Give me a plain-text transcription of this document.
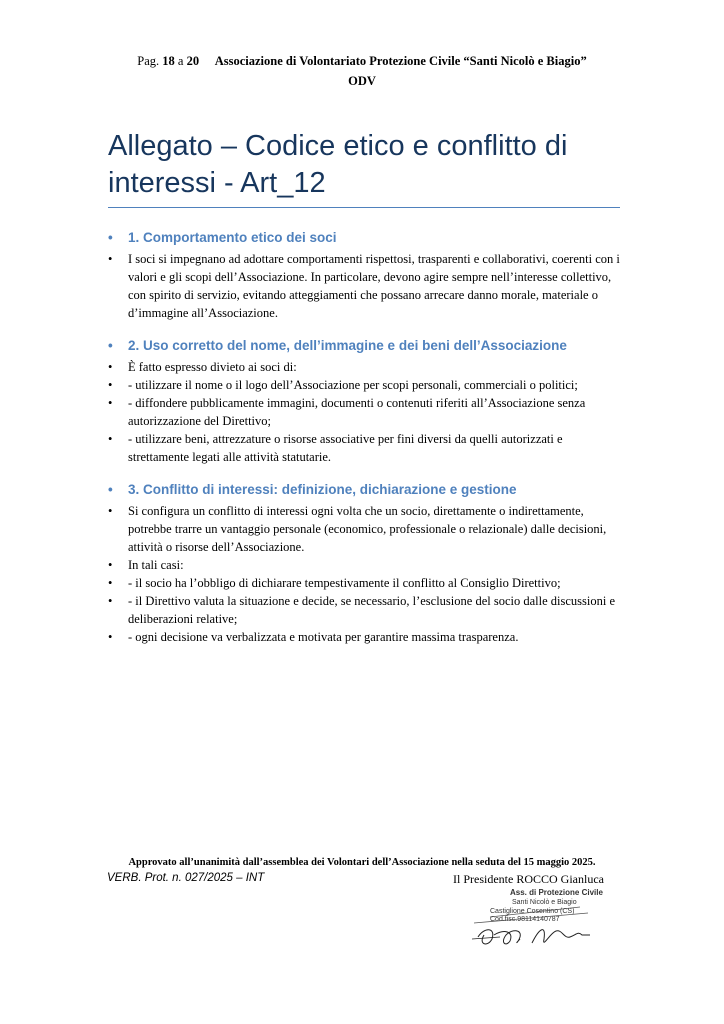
Pag. 18 a 20 Associazione di Volontariato Protezione Civile “Santi Nicolò e Biagio”
ODV
Allegato – Codice etico e conflitto di interessi - Art_12
• 1. Comportamento etico dei soci
• I soci si impegnano ad adottare comportamenti rispettosi, trasparenti e collaborativi, coerenti con i valori e gli scopi dell’Associazione. In particolare, devono agire sempre nell’interesse collettivo, con spirito di servizio, evitando atteggiamenti che possano arrecare danno morale, materiale o d’immagine all’Associazione.
• 2. Uso corretto del nome, dell’immagine e dei beni dell’Associazione
• È fatto espresso divieto ai soci di:
• - utilizzare il nome o il logo dell’Associazione per scopi personali, commerciali o politici;
• - diffondere pubblicamente immagini, documenti o contenuti riferiti all’Associazione senza autorizzazione del Direttivo;
• - utilizzare beni, attrezzature o risorse associative per fini diversi da quelli autorizzati e strettamente legati alle attività statutarie.
• 3. Conflitto di interessi: definizione, dichiarazione e gestione
• Si configura un conflitto di interessi ogni volta che un socio, direttamente o indirettamente, potrebbe trarre un vantaggio personale (economico, professionale o relazionale) dalle decisioni, attività o risorse dell’Associazione.
• In tali casi:
• - il socio ha l’obbligo di dichiarare tempestivamente il conflitto al Consiglio Direttivo;
• - il Direttivo valuta la situazione e decide, se necessario, l’esclusione del socio dalle discussioni e deliberazioni relative;
• - ogni decisione va verbalizzata e motivata per garantire massima trasparenza.
Approvato all’unanimità dall’assemblea dei Volontari dell’Associazione nella seduta del 15 maggio 2025.
VERB. Prot. n. 027/2025 – INT	Il Presidente ROCCO Gianluca
Ass. di Protezione Civile
Santi Nicolò e Biagio
Castiglione Cosentino (CS)
Cod.fisc.98114140787
